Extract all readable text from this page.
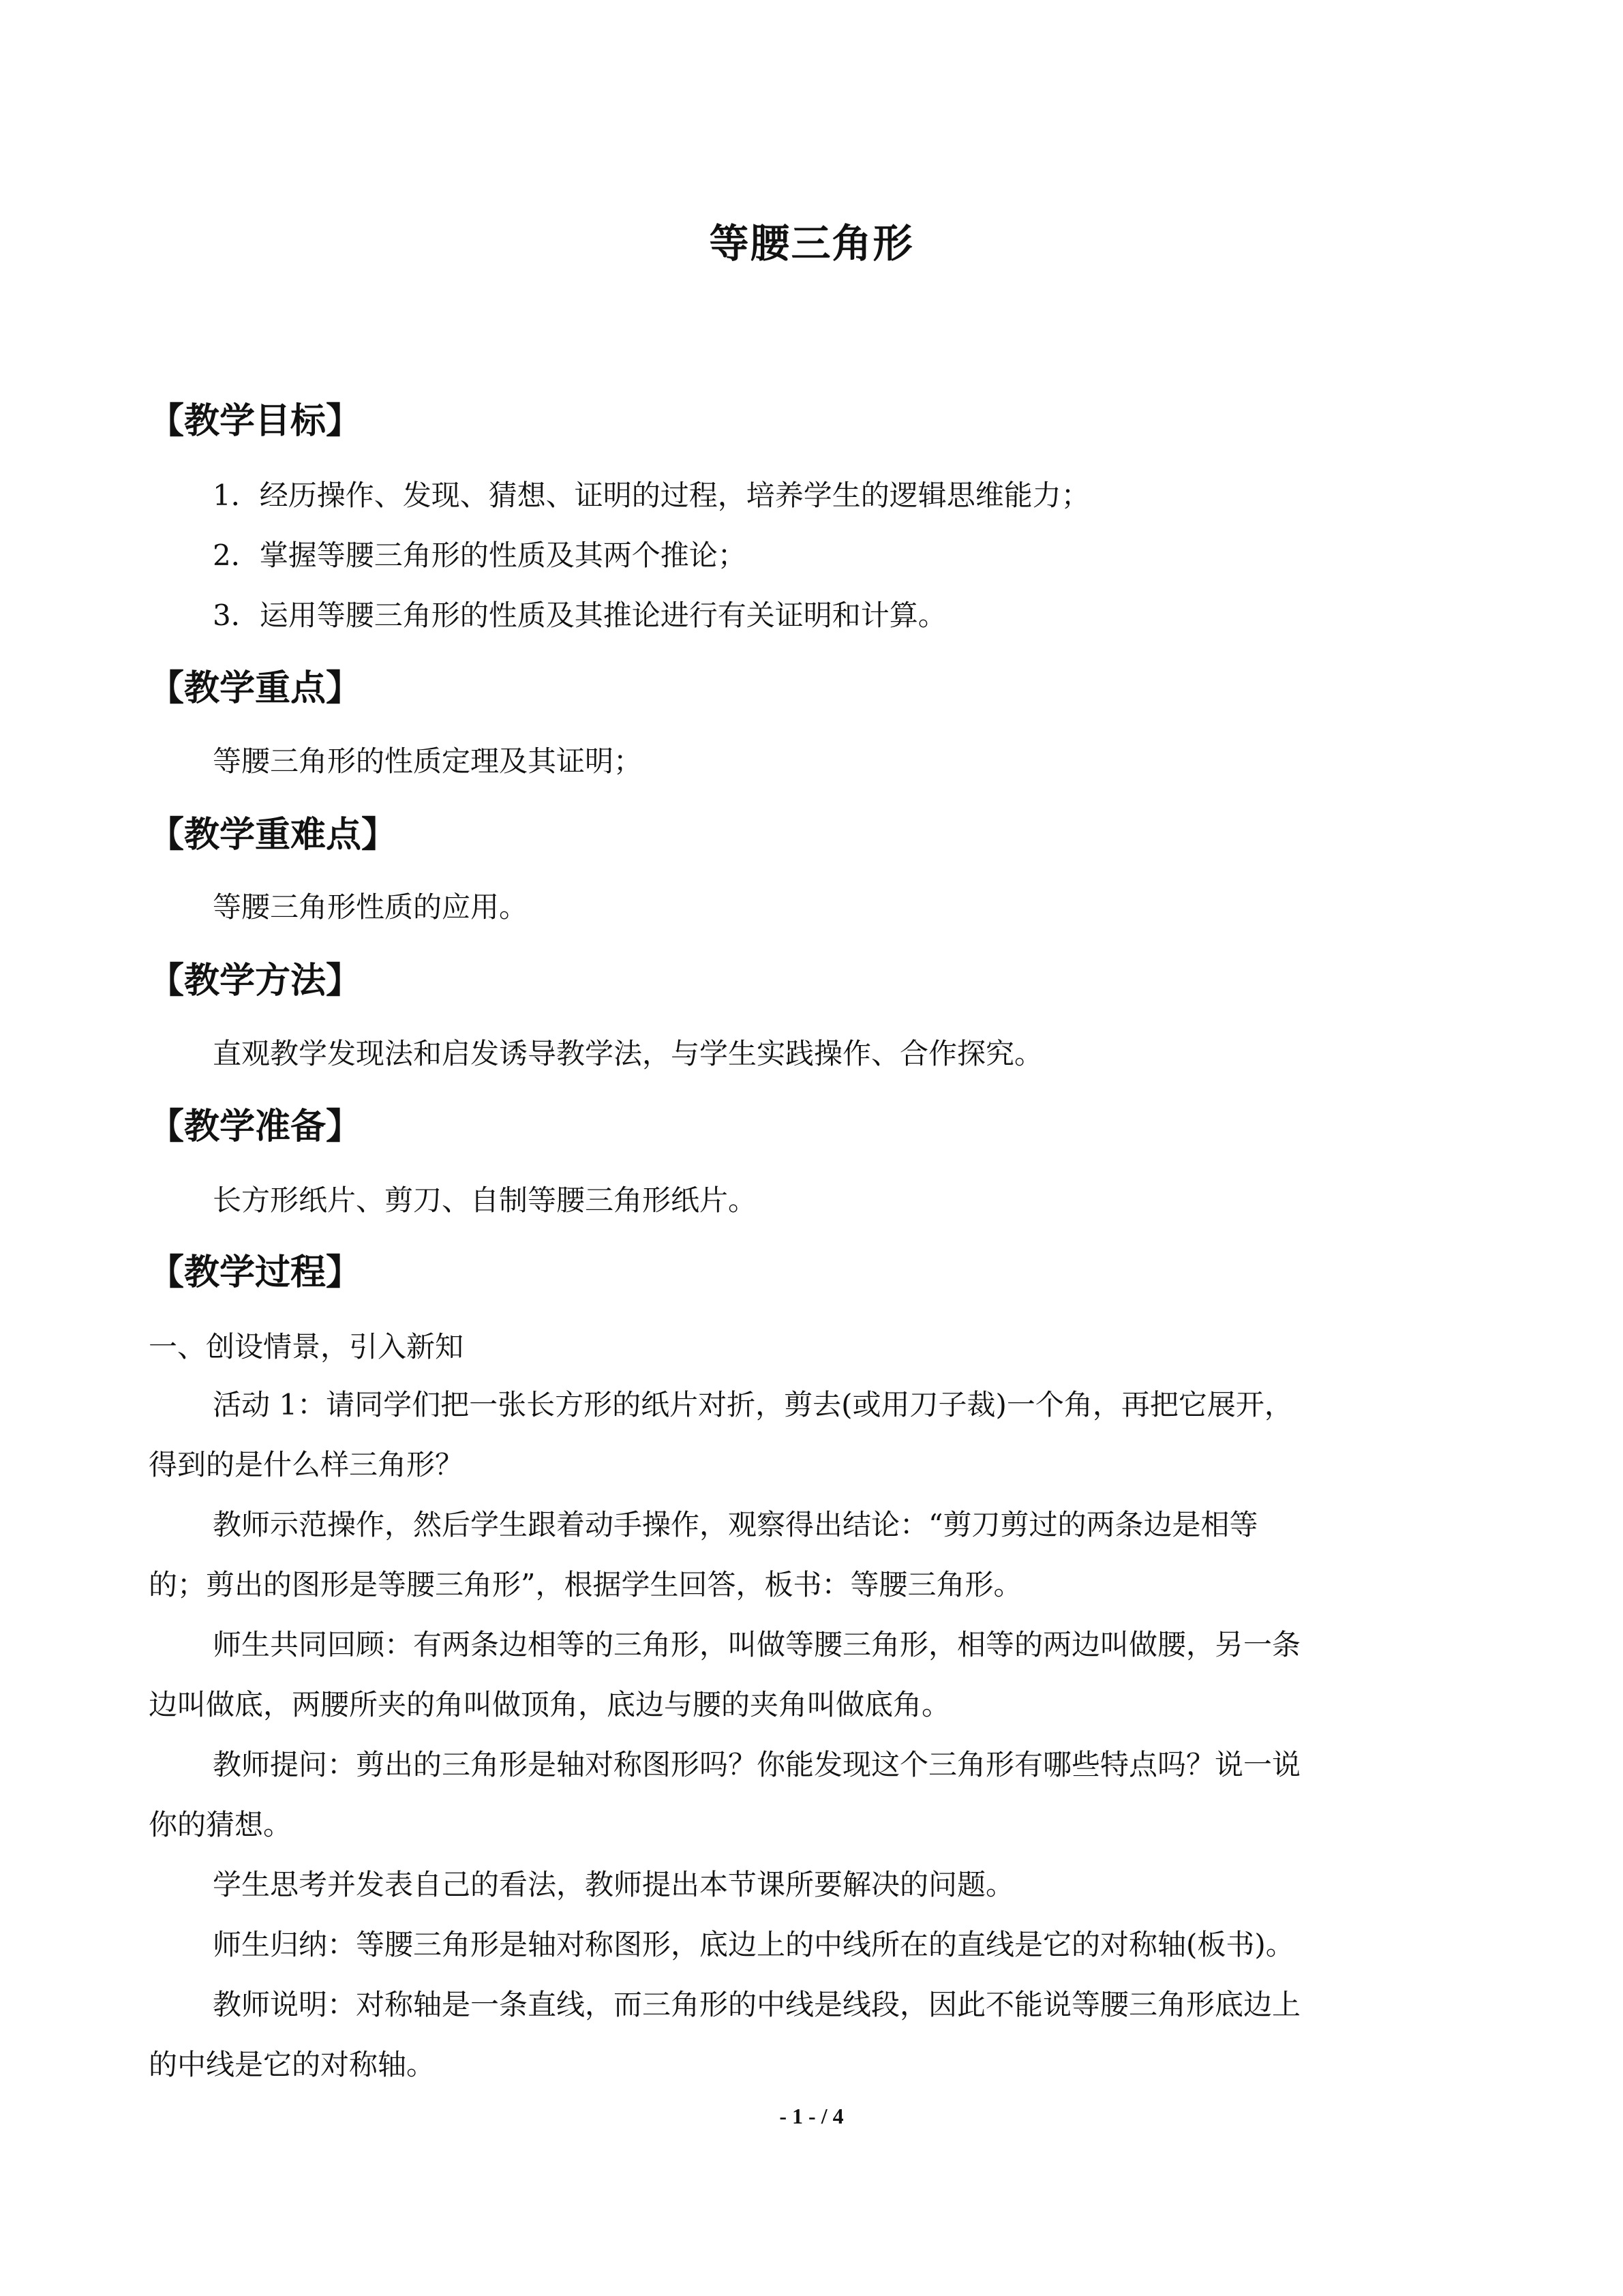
等腰三角形
【教学目标】
1．经历操作、发现、猜想、证明的过程，培养学生的逻辑思维能力；
2．掌握等腰三角形的性质及其两个推论；
3．运用等腰三角形的性质及其推论进行有关证明和计算。
【教学重点】
等腰三角形的性质定理及其证明；
【教学重难点】
等腰三角形性质的应用。
【教学方法】
直观教学发现法和启发诱导教学法，与学生实践操作、合作探究。
【教学准备】
长方形纸片、剪刀、自制等腰三角形纸片。
【教学过程】
一、创设情景，引入新知
活动 1：请同学们把一张长方形的纸片对折，剪去(或用刀子裁)一个角，再把它展开，
得到的是什么样三角形？
教师示范操作，然后学生跟着动手操作，观察得出结论：“剪刀剪过的两条边是相等
的；剪出的图形是等腰三角形”，根据学生回答，板书：等腰三角形。
师生共同回顾：有两条边相等的三角形，叫做等腰三角形，相等的两边叫做腰，另一条
边叫做底，两腰所夹的角叫做顶角，底边与腰的夹角叫做底角。
教师提问：剪出的三角形是轴对称图形吗？你能发现这个三角形有哪些特点吗？说一说
你的猜想。
学生思考并发表自己的看法，教师提出本节课所要解决的问题。
师生归纳：等腰三角形是轴对称图形，底边上的中线所在的直线是它的对称轴(板书)。
教师说明：对称轴是一条直线，而三角形的中线是线段，因此不能说等腰三角形底边上
的中线是它的对称轴。
- 1 - / 4
